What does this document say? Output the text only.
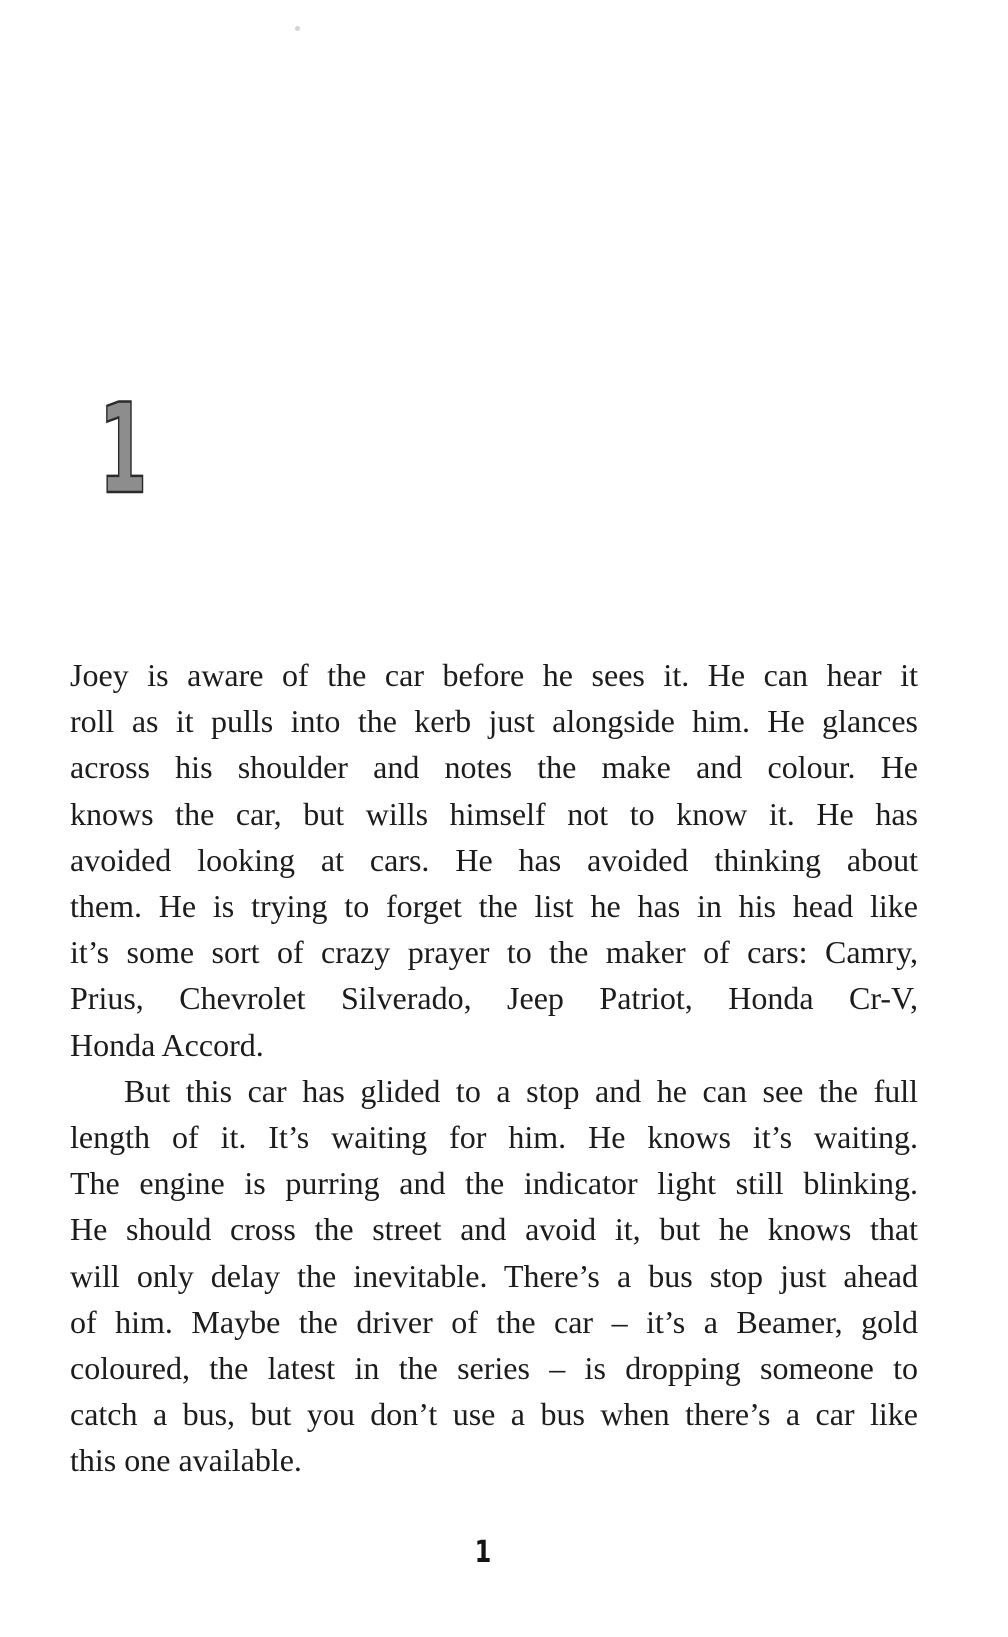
1
Joey is aware of the car before he sees it. He can hear it
roll as it pulls into the kerb just alongside him. He glances
across his shoulder and notes the make and colour. He
knows the car, but wills himself not to know it. He has
avoided looking at cars. He has avoided thinking about
them. He is trying to forget the list he has in his head like
it’s some sort of crazy prayer to the maker of cars: Camry,
Prius, Chevrolet Silverado, Jeep Patriot, Honda Cr-V,
Honda Accord.
But this car has glided to a stop and he can see the full
length of it. It’s waiting for him. He knows it’s waiting.
The engine is purring and the indicator light still blinking.
He should cross the street and avoid it, but he knows that
will only delay the inevitable. There’s a bus stop just ahead
of him. Maybe the driver of the car – it’s a Beamer, gold
coloured, the latest in the series – is dropping someone to
catch a bus, but you don’t use a bus when there’s a car like
this one available.
1
